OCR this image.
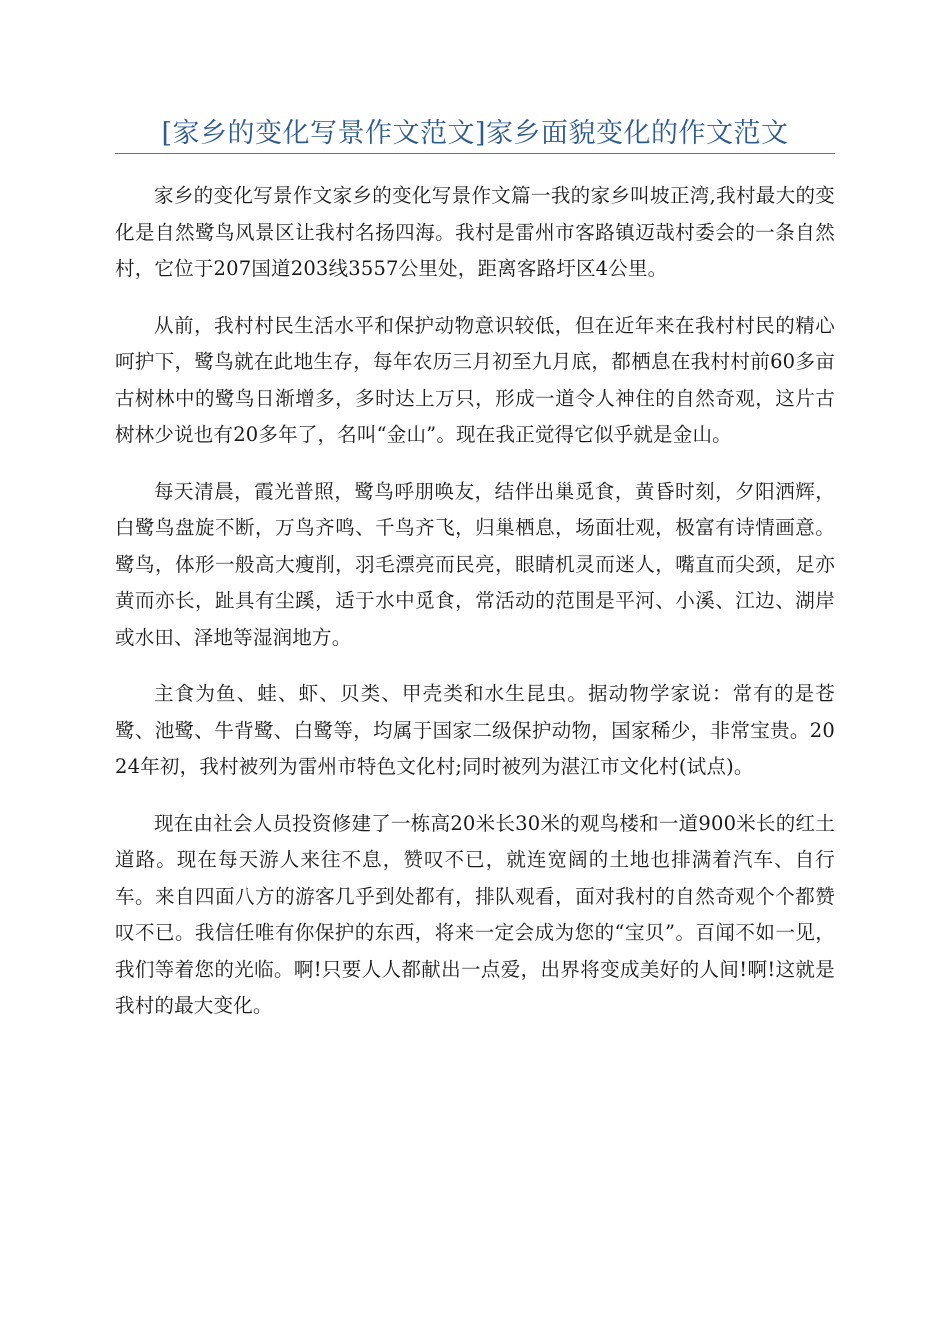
[家乡的变化写景作文范文]家乡面貌变化的作文范文

家乡的变化写景作文家乡的变化写景作文篇一我的家乡叫坡正湾,我村最大的变化是自然鹭鸟风景区让我村名扬四海。我村是雷州市客路镇迈哉村委会的一条自然村，它位于207国道203线3557公里处，距离客路圩区4公里。

从前，我村村民生活水平和保护动物意识较低，但在近年来在我村村民的精心呵护下，鹭鸟就在此地生存，每年农历三月初至九月底，都栖息在我村村前60多亩古树林中的鹭鸟日渐增多，多时达上万只，形成一道令人神住的自然奇观，这片古树林少说也有20多年了，名叫“金山”。现在我正觉得它似乎就是金山。

每天清晨，霞光普照，鹭鸟呼朋唤友，结伴出巢觅食，黄昏时刻，夕阳洒辉，白鹭鸟盘旋不断，万鸟齐鸣、千鸟齐飞，归巢栖息，场面壮观，极富有诗情画意。鹭鸟，体形一般高大瘦削，羽毛漂亮而民亮，眼睛机灵而迷人，嘴直而尖颈，足亦黄而亦长，趾具有尘蹊，适于水中觅食，常活动的范围是平河、小溪、江边、湖岸或水田、泽地等湿润地方。

主食为鱼、蛙、虾、贝类、甲壳类和水生昆虫。据动物学家说：常有的是苍鹭、池鹭、牛背鹭、白鹭等，均属于国家二级保护动物，国家稀少，非常宝贵。2024年初，我村被列为雷州市特色文化村;同时被列为湛江市文化村(试点)。

现在由社会人员投资修建了一栋高20米长30米的观鸟楼和一道900米长的红土道路。现在每天游人来往不息，赞叹不已，就连宽阔的土地也排满着汽车、自行车。来自四面八方的游客几乎到处都有，排队观看，面对我村的自然奇观个个都赞叹不已。我信任唯有你保护的东西，将来一定会成为您的“宝贝”。百闻不如一见，我们等着您的光临。啊!只要人人都献出一点爱，出界将变成美好的人间!啊!这就是我村的最大变化。
